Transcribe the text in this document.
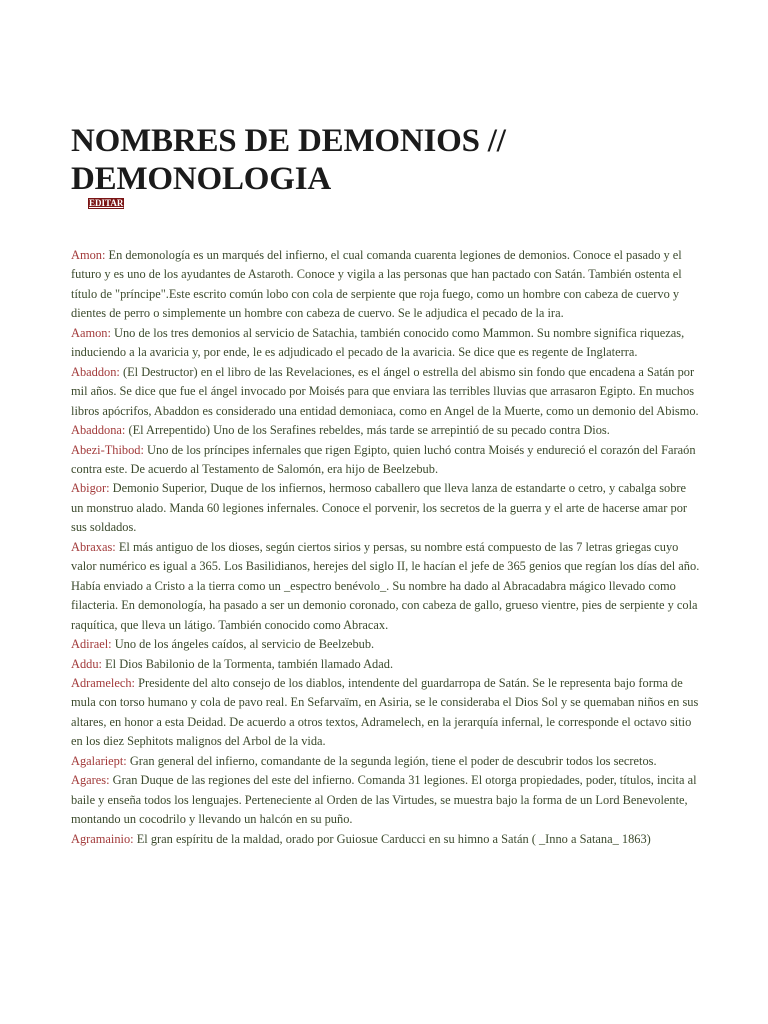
NOMBRES DE DEMONIOS // DEMONOLOGIA
EDITAR
Amon: En demonología es un marqués del infierno, el cual comanda cuarenta legiones de demonios. Conoce el pasado y el futuro y es uno de los ayudantes de Astaroth. Conoce y vigila a las personas que han pactado con Satán. También ostenta el título de "príncipe".Este escrito común lobo con cola de serpiente que roja fuego, como un hombre con cabeza de cuervo y dientes de perro o simplemente un hombre con cabeza de cuervo. Se le adjudica el pecado de la ira.
Aamon: Uno de los tres demonios al servicio de Satachia, también conocido como Mammon. Su nombre significa riquezas, induciendo a la avaricia y, por ende, le es adjudicado el pecado de la avaricia. Se dice que es regente de Inglaterra.
Abaddon: (El Destructor) en el libro de las Revelaciones, es el ángel o estrella del abismo sin fondo que encadena a Satán por mil años. Se dice que fue el ángel invocado por Moisés para que enviara las terribles lluvias que arrasaron Egipto. En muchos libros apócrifos, Abaddon es considerado una entidad demoniaca, como en Angel de la Muerte, como un demonio del Abismo.
Abaddona: (El Arrepentido) Uno de los Serafines rebeldes, más tarde se arrepintió de su pecado contra Dios.
Abezi-Thibod: Uno de los príncipes infernales que rigen Egipto, quien luchó contra Moisés y endureció el corazón del Faraón contra este. De acuerdo al Testamento de Salomón, era hijo de Beelzebub.
Abigor: Demonio Superior, Duque de los infiernos, hermoso caballero que lleva lanza de estandarte o cetro, y cabalga sobre un monstruo alado. Manda 60 legiones infernales. Conoce el porvenir, los secretos de la guerra y el arte de hacerse amar por sus soldados.
Abraxas: El más antiguo de los dioses, según ciertos sirios y persas, su nombre está compuesto de las 7 letras griegas cuyo valor numérico es igual a 365. Los Basilidianos, herejes del siglo II, le hacían el jefe de 365 genios que regían los días del año. Había enviado a Cristo a la tierra como un _espectro benévolo_. Su nombre ha dado al Abracadabra mágico llevado como filacteria. En demonología, ha pasado a ser un demonio coronado, con cabeza de gallo, grueso vientre, pies de serpiente y cola raquítica, que lleva un látigo. También conocido como Abracax.
Adirael: Uno de los ángeles caídos, al servicio de Beelzebub.
Addu: El Dios Babilonio de la Tormenta, también llamado Adad.
Adramelech: Presidente del alto consejo de los diablos, intendente del guardarropa de Satán. Se le representa bajo forma de mula con torso humano y cola de pavo real. En Sefarvaïm, en Asiria, se le consideraba el Dios Sol y se quemaban niños en sus altares, en honor a esta Deidad. De acuerdo a otros textos, Adramelech, en la jerarquía infernal, le corresponde el octavo sitio en los diez Sephitots malignos del Arbol de la vida.
Agalariept: Gran general del infierno, comandante de la segunda legión, tiene el poder de descubrir todos los secretos.
Agares: Gran Duque de las regiones del este del infierno. Comanda 31 legiones. El otorga propiedades, poder, títulos, incita al baile y enseña todos los lenguajes. Perteneciente al Orden de las Virtudes, se muestra bajo la forma de un Lord Benevolente, montando un cocodrilo y llevando un halcón en su puño.
Agramainio: El gran espíritu de la maldad, orado por Guiosue Carducci en su himno a Satán ( _Inno a Satana_ 1863)
